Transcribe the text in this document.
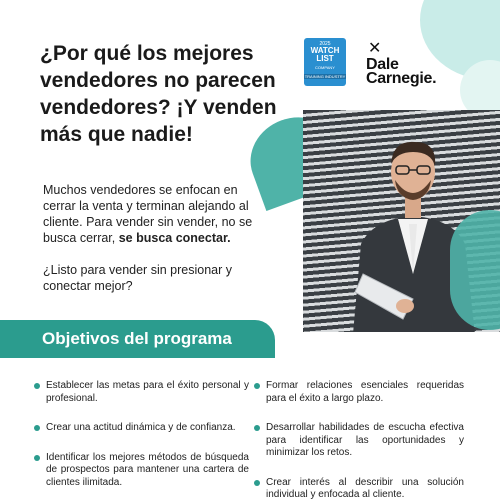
¿Por qué los mejores vendedores no parecen vendedores? ¡Y venden más que nadie!
2025
WATCH
LIST
COMPANY
TRAINING INDUSTRY
✕
Dale
Carnegie.

Muchos vendedores se enfocan en cerrar la venta y terminan alejando al cliente. Para vender sin vender, no se busca cerrar, se busca conectar.

¿Listo para vender sin presionar y conectar mejor?

Objetivos del programa
Establecer las metas para el éxito personal y profesional.
Crear una actitud dinámica y de confianza.
Identificar los mejores métodos de búsqueda de prospectos para mantener una cartera de clientes ilimitada.
Formar relaciones esenciales requeridas para el éxito a largo plazo.
Desarrollar habilidades de escucha efectiva para identificar las oportunidades y minimizar los retos.
Crear interés al describir una solución individual y enfocada al cliente.
